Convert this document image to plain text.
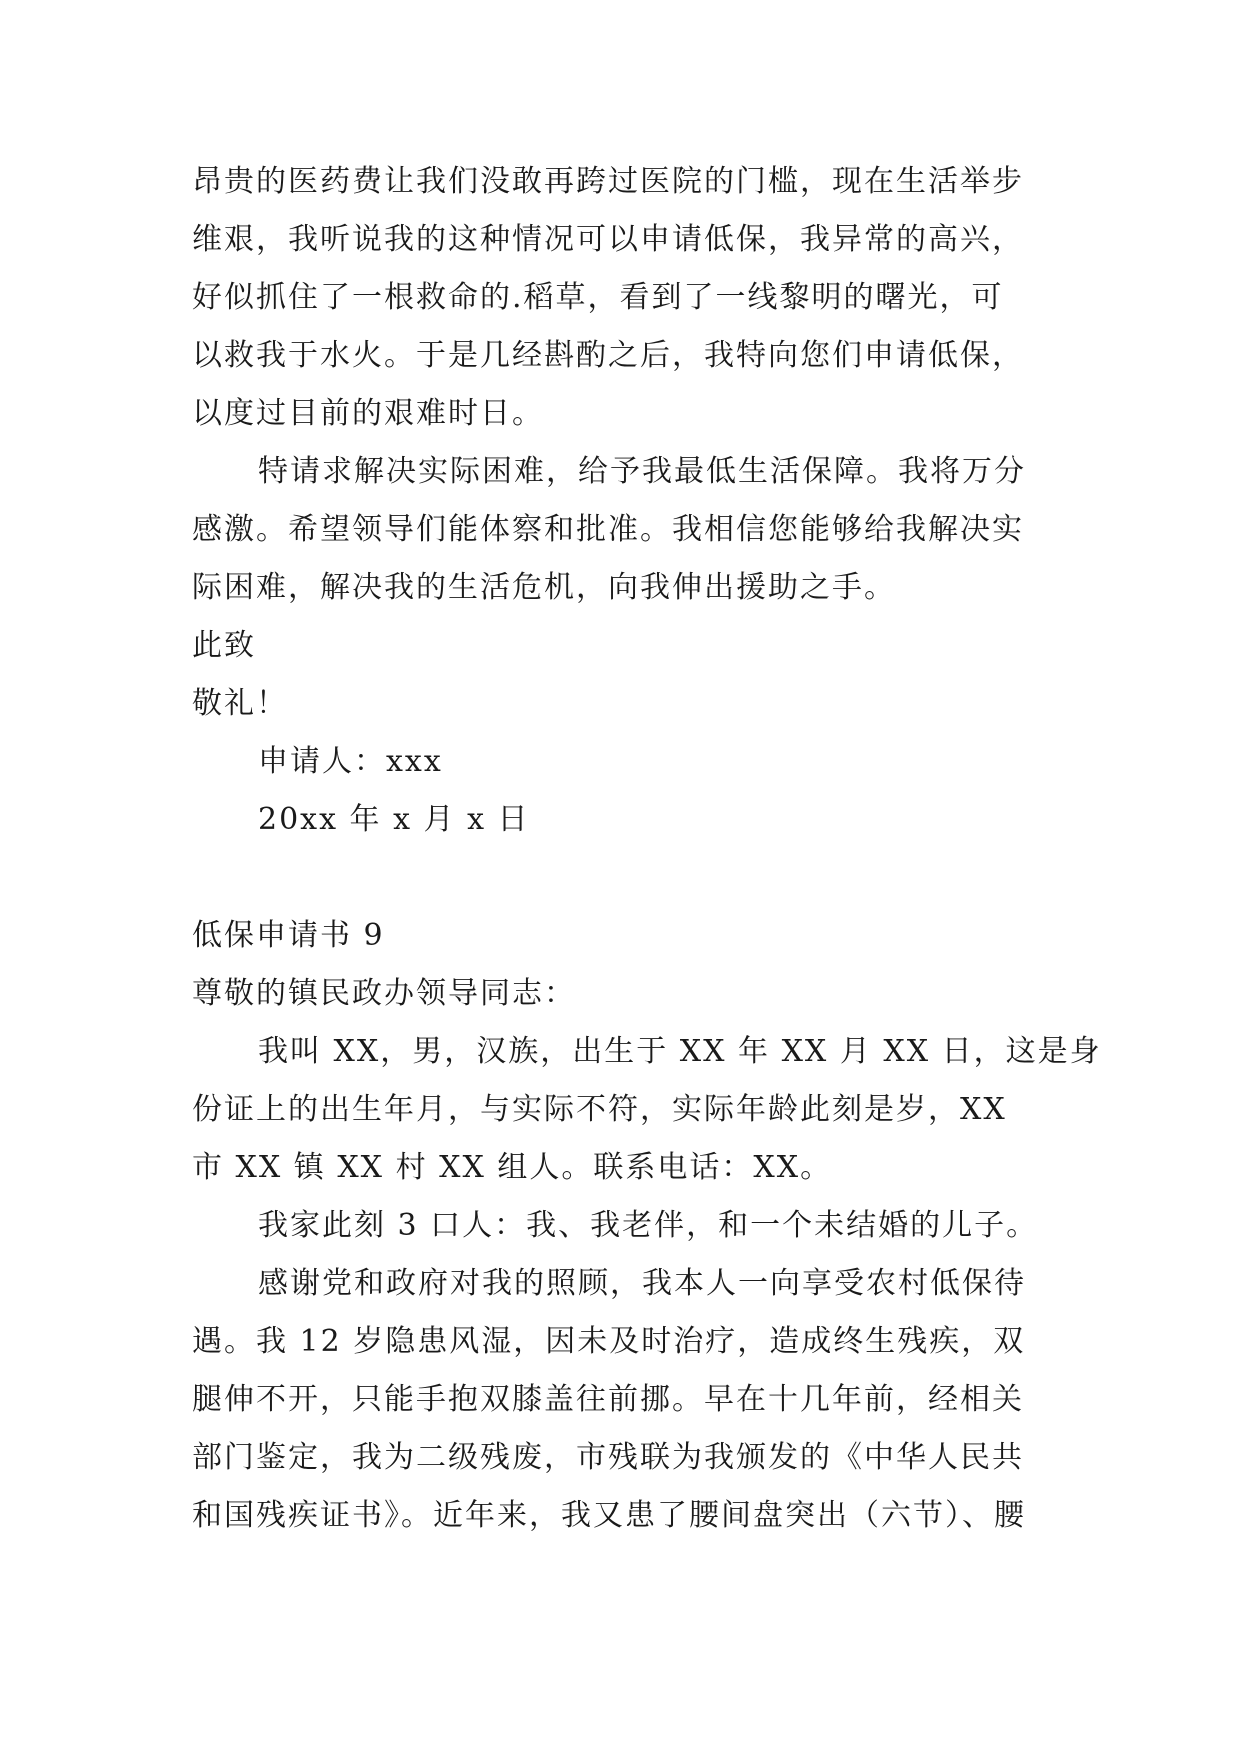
昂贵的医药费让我们没敢再跨过医院的门槛，现在生活举步
维艰，我听说我的这种情况可以申请低保，我异常的高兴，
好似抓住了一根救命的.稻草，看到了一线黎明的曙光，可
以救我于水火。于是几经斟酌之后，我特向您们申请低保，
以度过目前的艰难时日。
特请求解决实际困难，给予我最低生活保障。我将万分
感激。希望领导们能体察和批准。我相信您能够给我解决实
际困难，解决我的生活危机，向我伸出援助之手。
此致
敬礼！
申请人：xxx
20xx 年 x 月 x 日
低保申请书 9
尊敬的镇民政办领导同志：
我叫 XX，男，汉族，出生于 XX 年 XX 月 XX 日，这是身
份证上的出生年月，与实际不符，实际年龄此刻是岁，XX
市 XX 镇 XX 村 XX 组人。联系电话：XX。
我家此刻 3 口人：我、我老伴，和一个未结婚的儿子。
感谢党和政府对我的照顾，我本人一向享受农村低保待
遇。我 12 岁隐患风湿，因未及时治疗，造成终生残疾，双
腿伸不开，只能手抱双膝盖往前挪。早在十几年前，经相关
部门鉴定，我为二级残废，市残联为我颁发的《中华人民共
和国残疾证书》。近年来，我又患了腰间盘突出（六节）、腰
